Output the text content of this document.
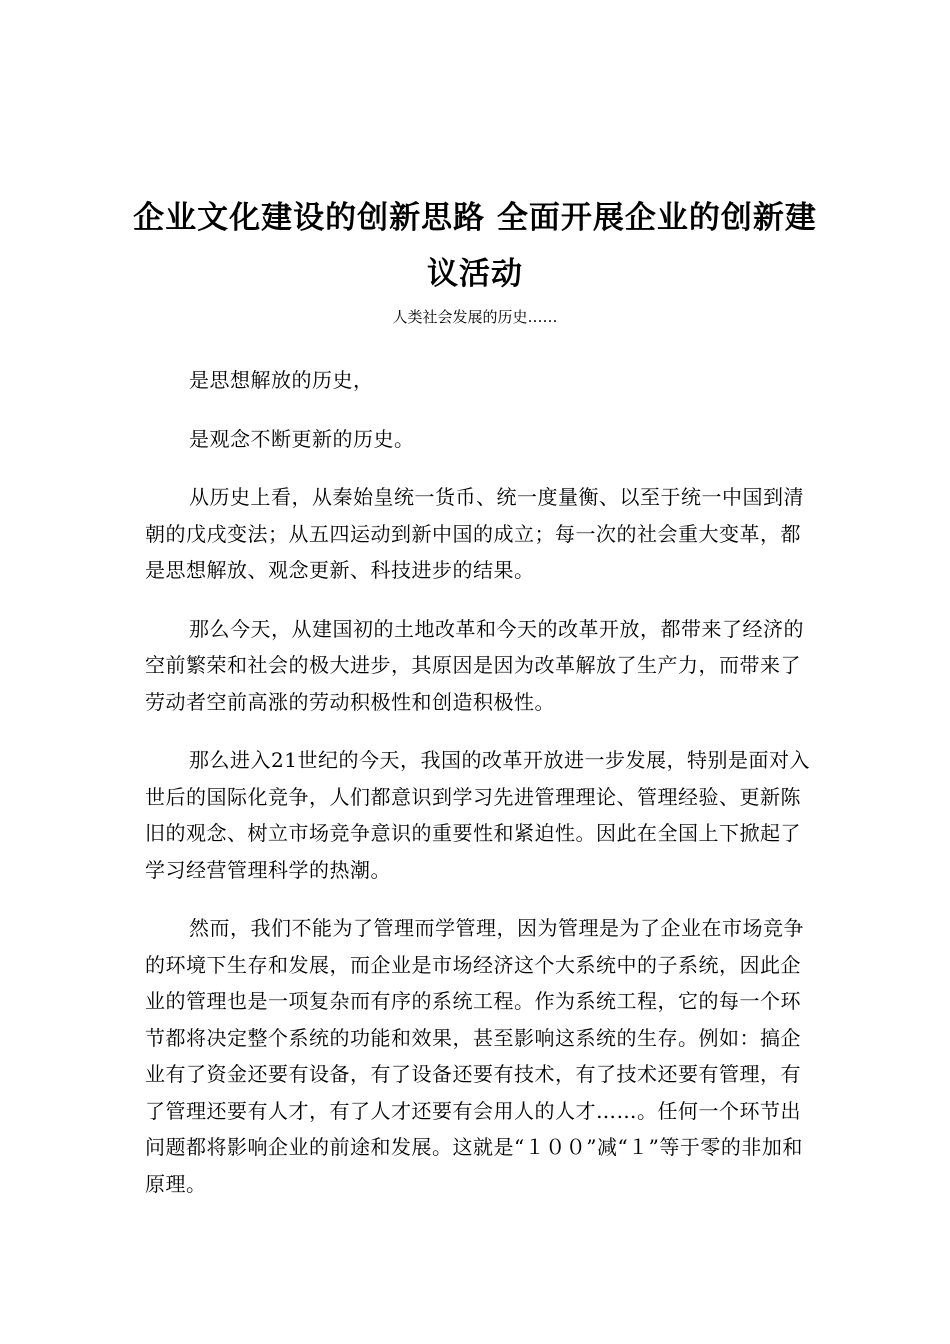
企业文化建设的创新思路 全面开展企业的创新建议活动
人类社会发展的历史……

是思想解放的历史，

是观念不断更新的历史。

从历史上看，从秦始皇统一货币、统一度量衡、以至于统一中国到清朝的戊戌变法；从五四运动到新中国的成立；每一次的社会重大变革，都是思想解放、观念更新、科技进步的结果。

那么今天，从建国初的土地改革和今天的改革开放，都带来了经济的空前繁荣和社会的极大进步，其原因是因为改革解放了生产力，而带来了劳动者空前高涨的劳动积极性和创造积极性。

那么进入21世纪的今天，我国的改革开放进一步发展，特别是面对入世后的国际化竞争，人们都意识到学习先进管理理论、管理经验、更新陈旧的观念、树立市场竞争意识的重要性和紧迫性。因此在全国上下掀起了学习经营管理科学的热潮。

然而，我们不能为了管理而学管理，因为管理是为了企业在市场竞争的环境下生存和发展，而企业是市场经济这个大系统中的子系统，因此企业的管理也是一项复杂而有序的系统工程。作为系统工程，它的每一个环节都将决定整个系统的功能和效果，甚至影响这系统的生存。例如：搞企业有了资金还要有设备，有了设备还要有技术，有了技术还要有管理，有了管理还要有人才，有了人才还要有会用人的人才……。任何一个环节出问题都将影响企业的前途和发展。这就是“１００”减“１”等于零的非加和原理。
